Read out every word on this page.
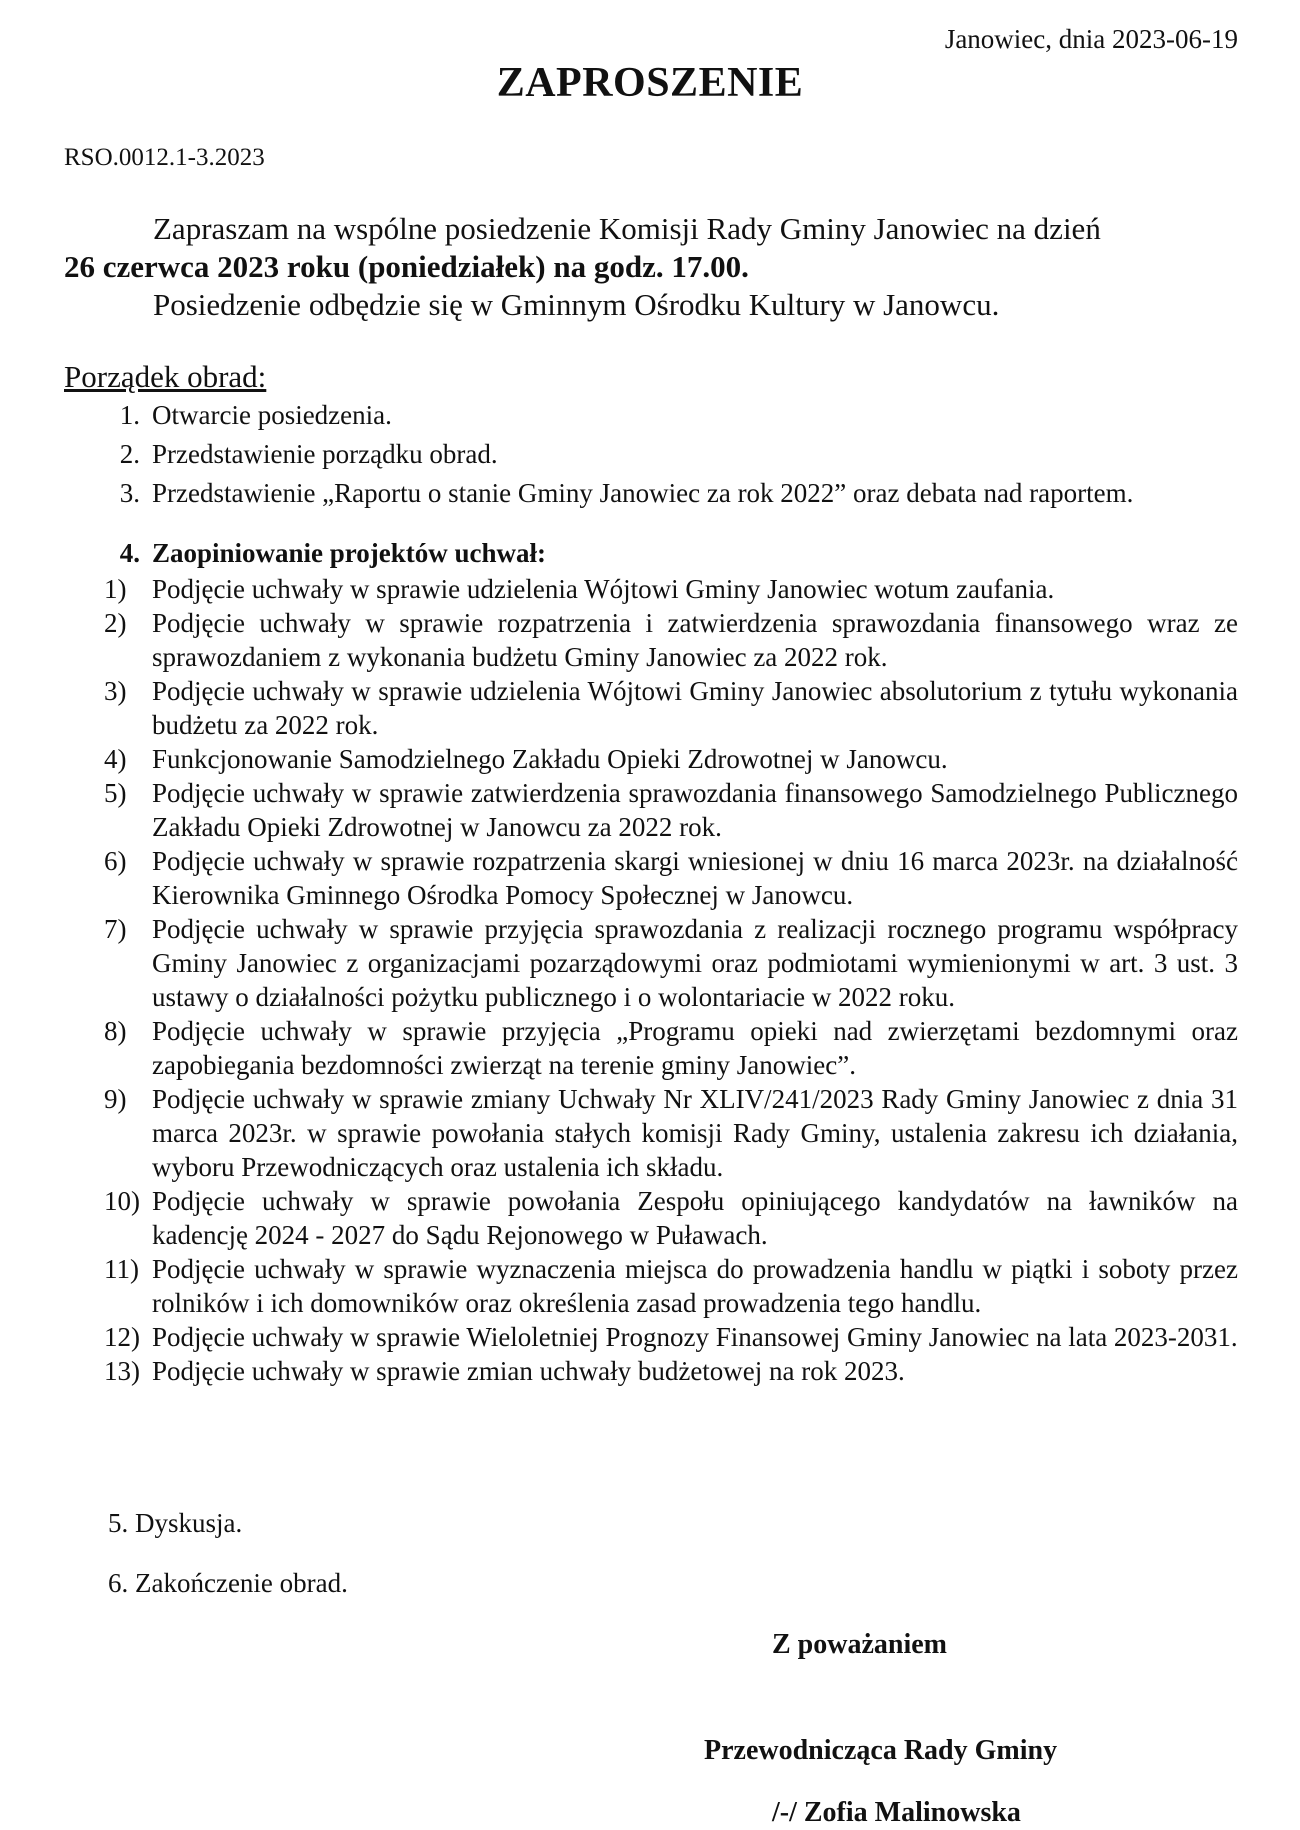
Janowiec, dnia 2023-06-19
ZAPROSZENIE
RSO.0012.1-3.2023
Zapraszam na wspólne posiedzenie Komisji Rady Gminy Janowiec na dzień
26 czerwca 2023 roku (poniedziałek) na godz. 17.00.
Posiedzenie odbędzie się w Gminnym Ośrodku Kultury w Janowcu.
Porządek obrad:
1. Otwarcie posiedzenia.
2. Przedstawienie porządku obrad.
3. Przedstawienie „Raportu o stanie Gminy Janowiec za rok 2022” oraz debata nad raportem.
4. Zaopiniowanie projektów uchwał:
1) Podjęcie uchwały w sprawie udzielenia Wójtowi Gminy Janowiec wotum zaufania.
2) Podjęcie uchwały w sprawie rozpatrzenia i zatwierdzenia sprawozdania finansowego wraz ze sprawozdaniem z wykonania budżetu Gminy Janowiec za 2022 rok.
3) Podjęcie uchwały w sprawie udzielenia Wójtowi Gminy Janowiec absolutorium z tytułu wykonania budżetu za 2022 rok.
4) Funkcjonowanie Samodzielnego Zakładu Opieki Zdrowotnej w Janowcu.
5) Podjęcie uchwały w sprawie zatwierdzenia sprawozdania finansowego Samodzielnego Publicznego Zakładu Opieki Zdrowotnej w Janowcu za 2022 rok.
6) Podjęcie uchwały w sprawie rozpatrzenia skargi wniesionej w dniu 16 marca 2023r. na działalność Kierownika Gminnego Ośrodka Pomocy Społecznej w Janowcu.
7) Podjęcie uchwały w sprawie przyjęcia sprawozdania z realizacji rocznego programu współpracy Gminy Janowiec z organizacjami pozarządowymi oraz podmiotami wymienionymi w art. 3 ust. 3 ustawy o działalności pożytku publicznego i o wolontariacie w 2022 roku.
8) Podjęcie uchwały w sprawie przyjęcia „Programu opieki nad zwierzętami bezdomnymi oraz zapobiegania bezdomności zwierząt na terenie gminy Janowiec”.
9) Podjęcie uchwały w sprawie zmiany Uchwały Nr XLIV/241/2023 Rady Gminy Janowiec z dnia 31 marca 2023r. w sprawie powołania stałych komisji Rady Gminy, ustalenia zakresu ich działania, wyboru Przewodniczących oraz ustalenia ich składu.
10) Podjęcie uchwały w sprawie powołania Zespołu opiniującego kandydatów na ławników na kadencję 2024 - 2027 do Sądu Rejonowego w Puławach.
11) Podjęcie uchwały w sprawie wyznaczenia miejsca do prowadzenia handlu w piątki i soboty przez rolników i ich domowników oraz określenia zasad prowadzenia tego handlu.
12) Podjęcie uchwały w sprawie Wieloletniej Prognozy Finansowej Gminy Janowiec na lata 2023-2031.
13) Podjęcie uchwały w sprawie zmian uchwały budżetowej na rok 2023.
5. Dyskusja.
6. Zakończenie obrad.
Z poważaniem
Przewodnicząca Rady Gminy
/-/ Zofia Malinowska
